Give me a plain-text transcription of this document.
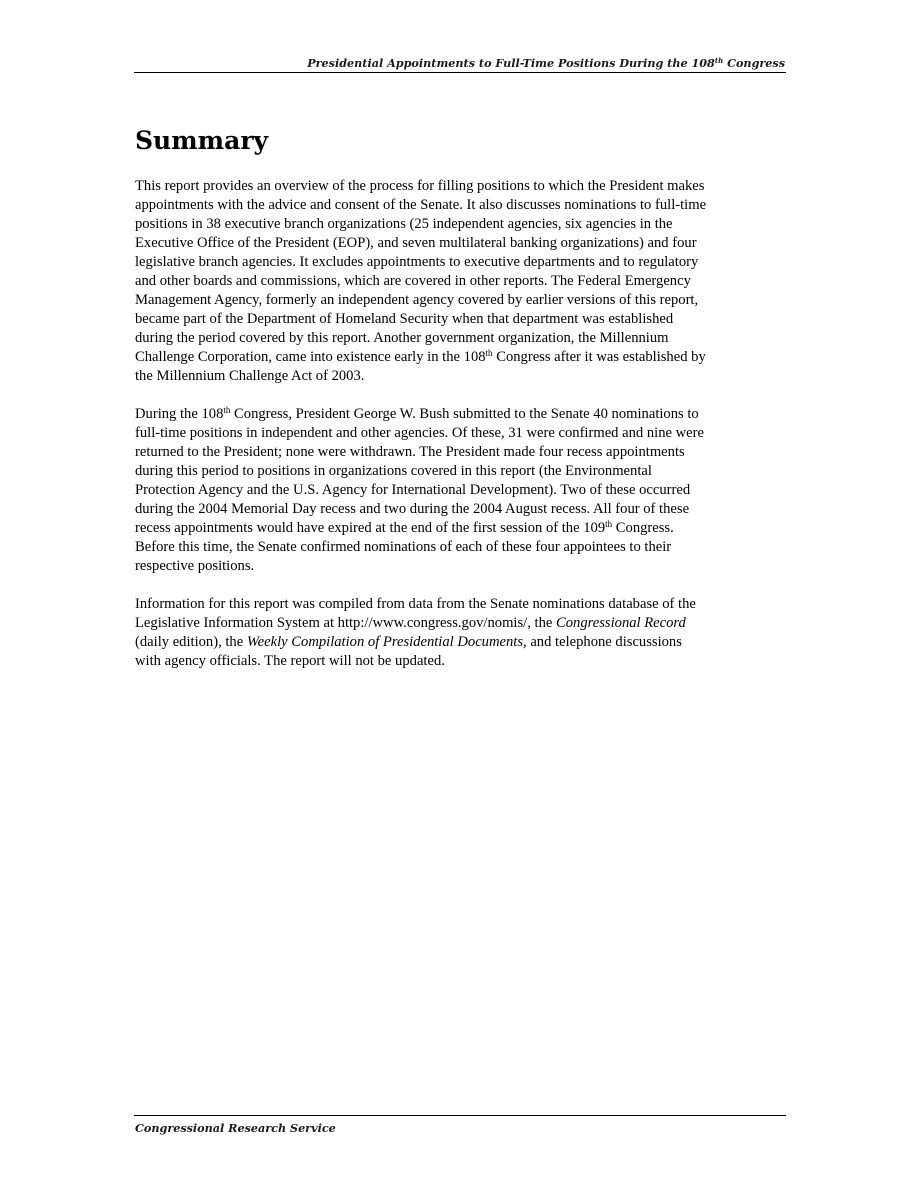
Presidential Appointments to Full-Time Positions During the 108th Congress
Summary

This report provides an overview of the process for filling positions to which the President makes
appointments with the advice and consent of the Senate. It also discusses nominations to full-time
positions in 38 executive branch organizations (25 independent agencies, six agencies in the
Executive Office of the President (EOP), and seven multilateral banking organizations) and four
legislative branch agencies. It excludes appointments to executive departments and to regulatory
and other boards and commissions, which are covered in other reports. The Federal Emergency
Management Agency, formerly an independent agency covered by earlier versions of this report,
became part of the Department of Homeland Security when that department was established
during the period covered by this report. Another government organization, the Millennium
Challenge Corporation, came into existence early in the 108th Congress after it was established by
the Millennium Challenge Act of 2003.

During the 108th Congress, President George W. Bush submitted to the Senate 40 nominations to
full-time positions in independent and other agencies. Of these, 31 were confirmed and nine were
returned to the President; none were withdrawn. The President made four recess appointments
during this period to positions in organizations covered in this report (the Environmental
Protection Agency and the U.S. Agency for International Development). Two of these occurred
during the 2004 Memorial Day recess and two during the 2004 August recess. All four of these
recess appointments would have expired at the end of the first session of the 109th Congress.
Before this time, the Senate confirmed nominations of each of these four appointees to their
respective positions.

Information for this report was compiled from data from the Senate nominations database of the
Legislative Information System at http://www.congress.gov/nomis/, the Congressional Record
(daily edition), the Weekly Compilation of Presidential Documents, and telephone discussions
with agency officials. The report will not be updated.

Congressional Research Service
